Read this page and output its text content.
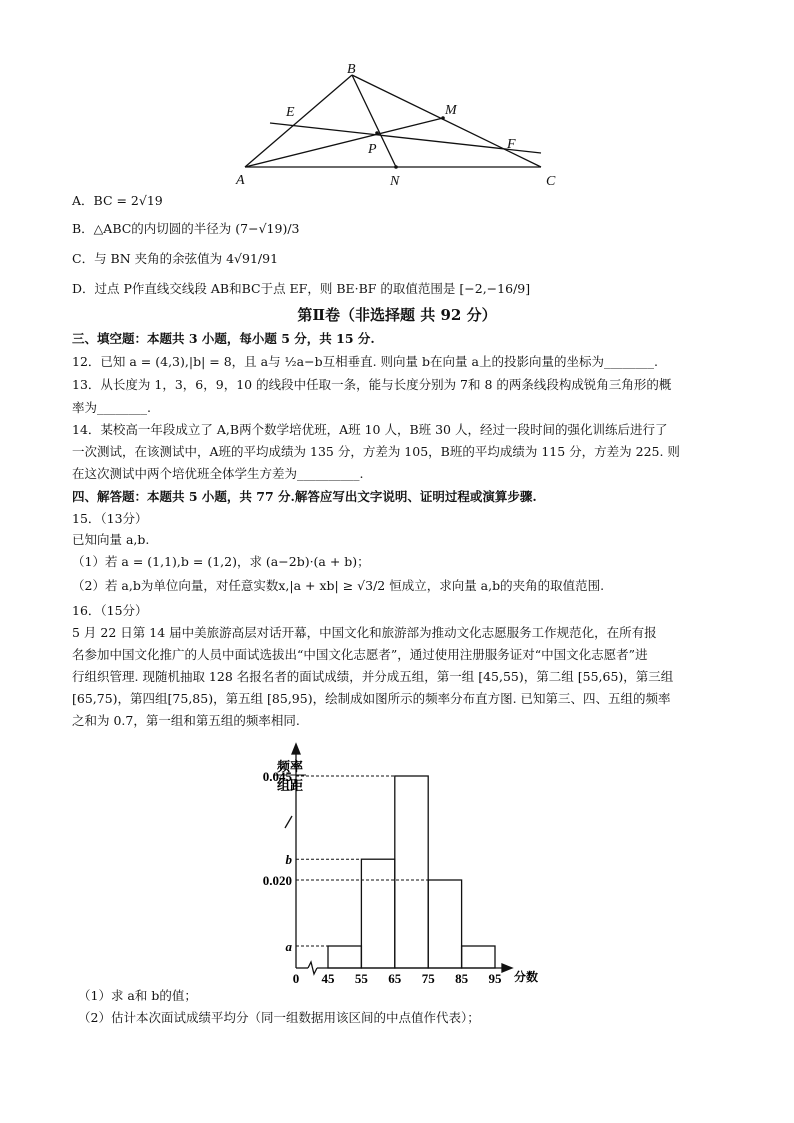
B
E	M
P	F
A	N	C
A．BC = 2√19
B．△ABC的内切圆的半径为 (7−√19)/3
C．与 BN 夹角的余弦值为 4√91/91
D．过点 P作直线交线段 AB和BC于点 EF，则 BE·BF 的取值范围是 [−2,−16/9]
第Ⅱ卷（非选择题 共 92 分）
三、填空题：本题共 3 小题，每小题 5 分，共 15 分.
12．已知 a = (4,3),|b| = 8，且 a与 ½a−b互相垂直. 则向量 b在向量 a上的投影向量的坐标为________.
13．从长度为 1，3，6，9，10 的线段中任取一条，能与长度分别为 7和 8 的两条线段构成锐角三角形的概
率为________.
14．某校高一年段成立了 A,B两个数学培优班，A班 10 人，B班 30 人，经过一段时间的强化训练后进行了
一次测试，在该测试中，A班的平均成绩为 135 分，方差为 105，B班的平均成绩为 115 分，方差为 225. 则
在这次测试中两个培优班全体学生方差为__________.
四、解答题：本题共 5 小题，共 77 分.解答应写出文字说明、证明过程或演算步骤.
15．（13分）
已知向量 a,b.
（1）若 a = (1,1),b = (1,2)，求 (a−2b)·(a + b)；
（2）若 a,b为单位向量，对任意实数x,|a + xb| ≥ √3/2 恒成立，求向量 a,b的夹角的取值范围.
16．（15分）
5 月 22 日第 14 届中美旅游高层对话开幕，中国文化和旅游部为推动文化志愿服务工作规范化，在所有报
名参加中国文化推广的人员中面试选拔出“中国文化志愿者”，通过使用注册服务证对“中国文化志愿者”进
行组织管理. 现随机抽取 128 名报名者的面试成绩，并分成五组，第一组 [45,55)，第二组 [55,65)，第三组
[65,75)，第四组[75,85)，第五组 [85,95)，绘制成如图所示的频率分布直方图. 已知第三、四、五组的频率
之和为 0.7，第一组和第五组的频率相同.
频率
组距
分数
a
b
0.045
0.020
0 45 55 65 75 85 95
（1）求 a和 b的值；
（2）估计本次面试成绩平均分（同一组数据用该区间的中点值作代表）；
